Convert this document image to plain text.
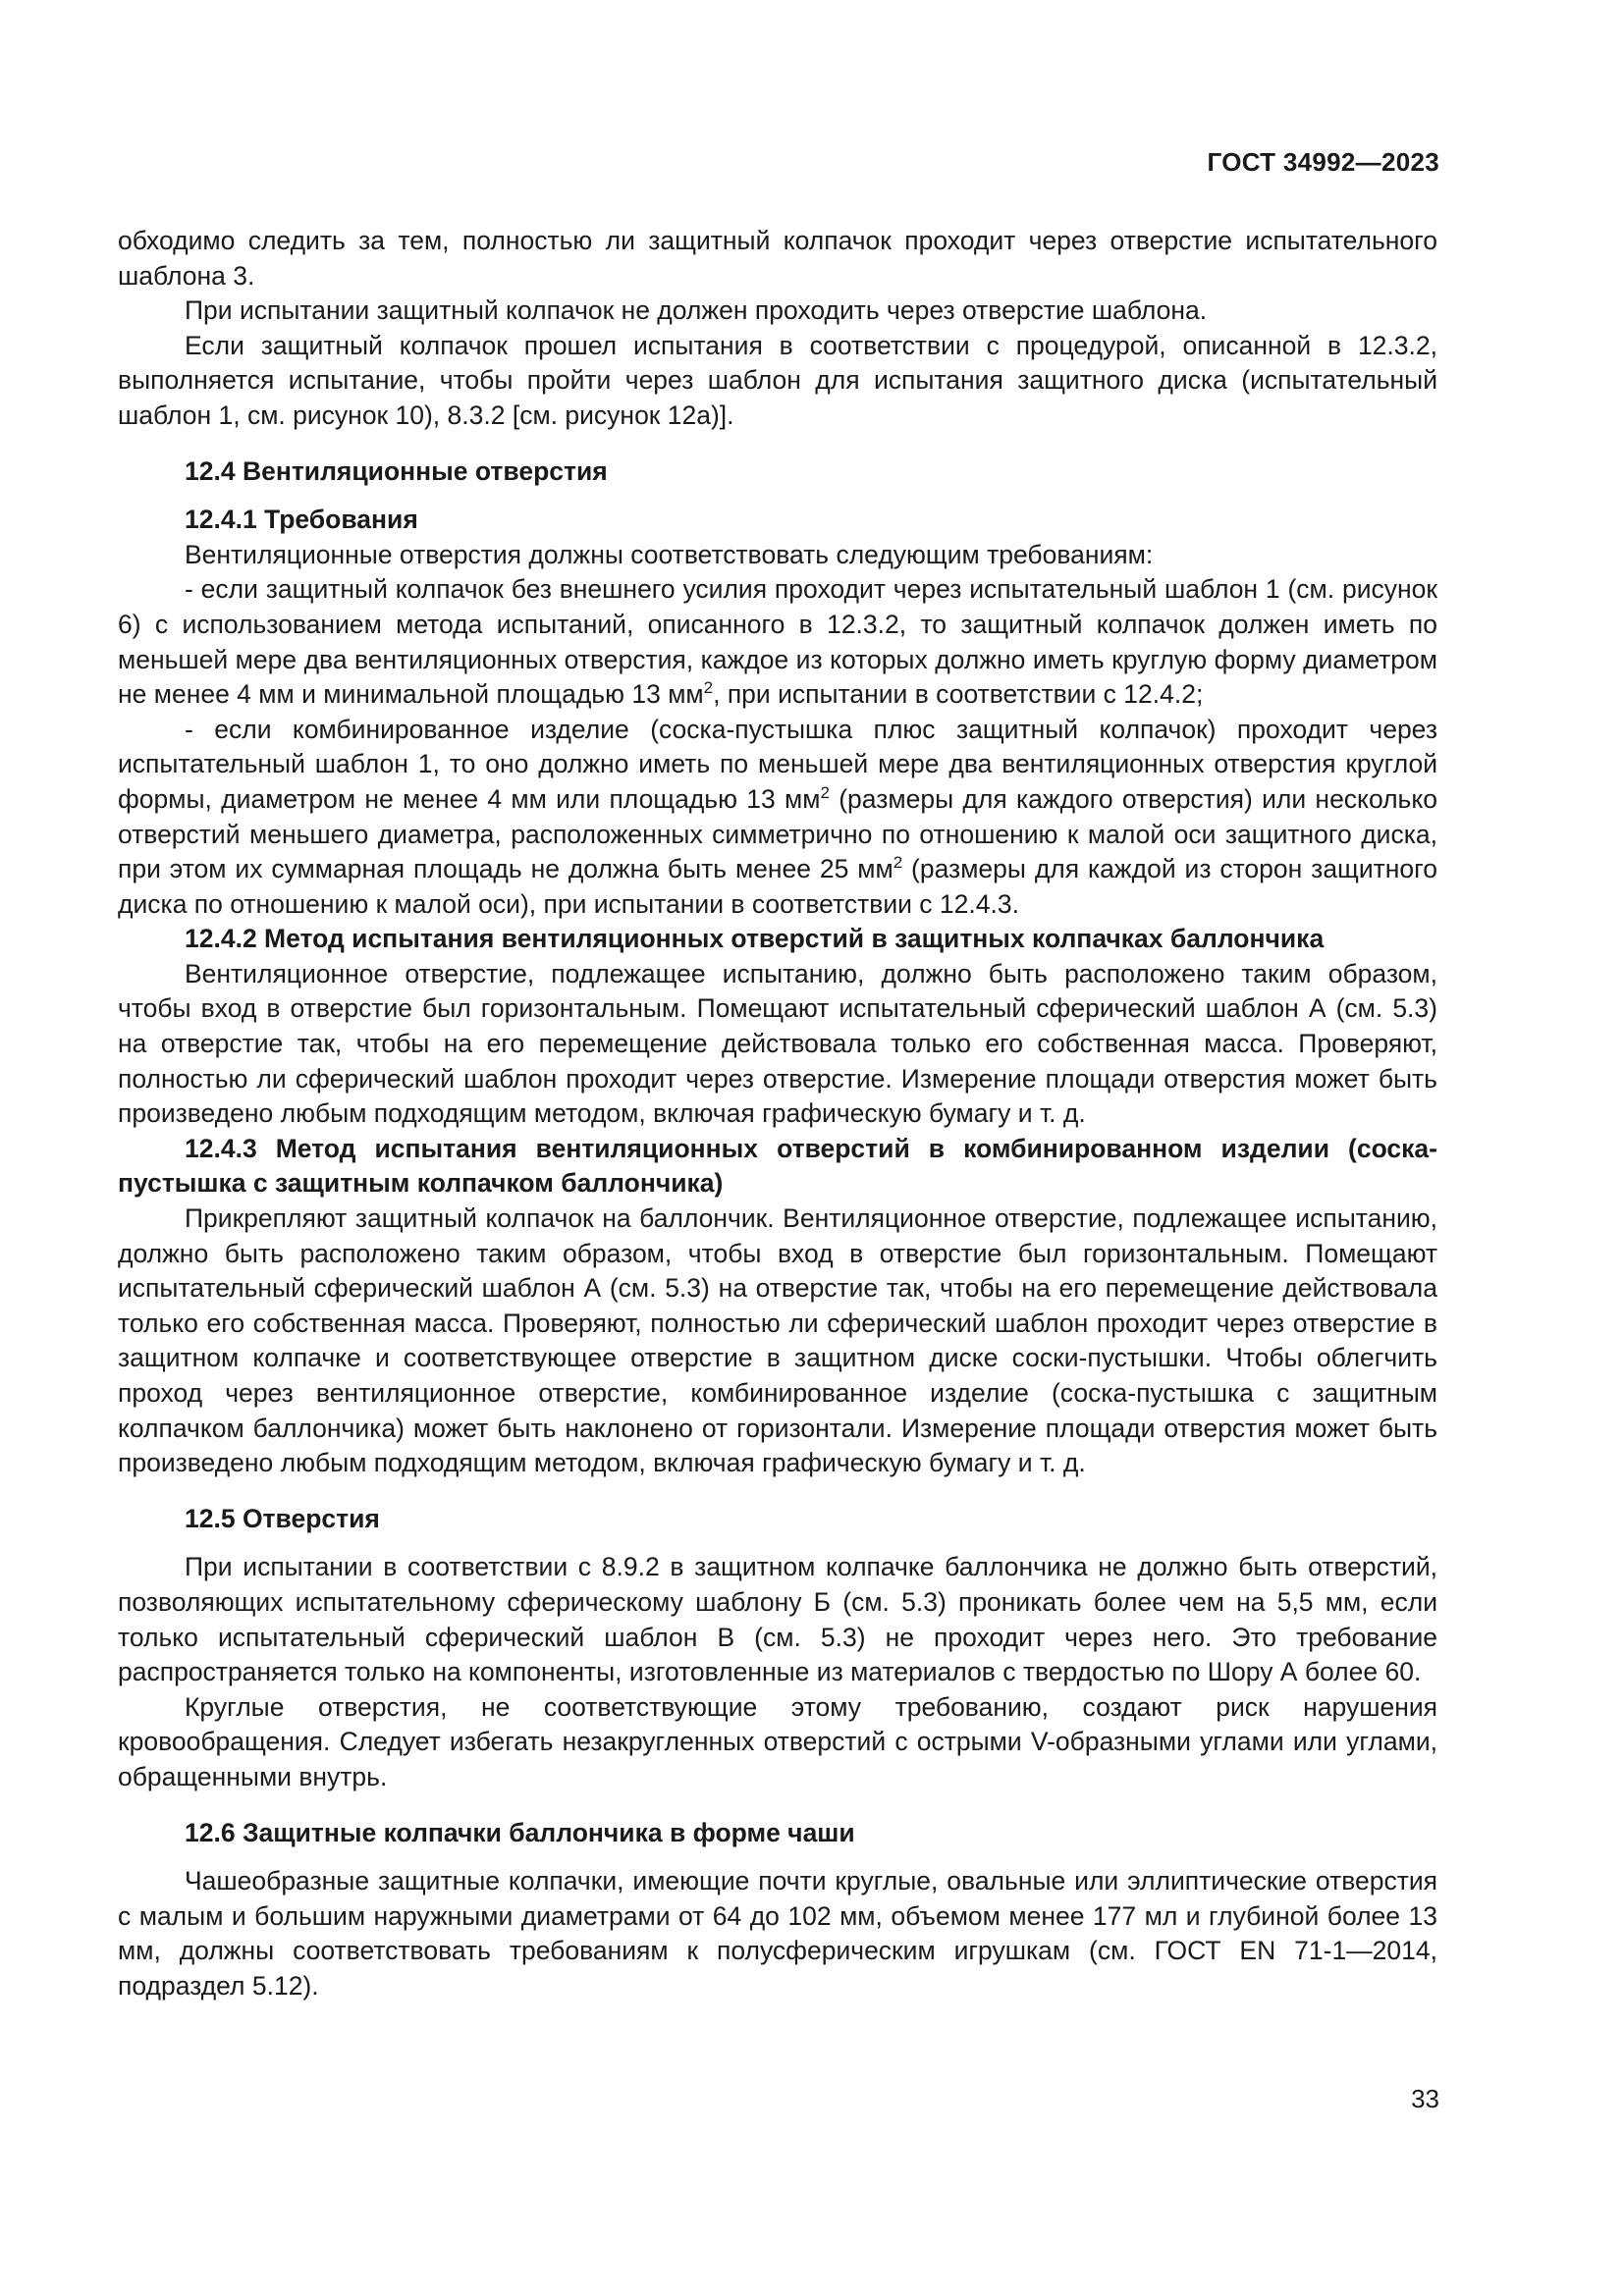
ГОСТ 34992—2023

обходимо следить за тем, полностью ли защитный колпачок проходит через отверстие испытательного шаблона 3.

При испытании защитный колпачок не должен проходить через отверстие шаблона.

Если защитный колпачок прошел испытания в соответствии с процедурой, описанной в 12.3.2, выполняется испытание, чтобы пройти через шаблон для испытания защитного диска (испытательный шаблон 1, см. рисунок 10), 8.3.2 [см. рисунок 12а)].

12.4 Вентиляционные отверстия

12.4.1 Требования

Вентиляционные отверстия должны соответствовать следующим требованиям:

- если защитный колпачок без внешнего усилия проходит через испытательный шаблон 1 (см. рисунок 6) с использованием метода испытаний, описанного в 12.3.2, то защитный колпачок должен иметь по меньшей мере два вентиляционных отверстия, каждое из которых должно иметь круглую форму диаметром не менее 4 мм и минимальной площадью 13 $мм^2$, при испытании в соответствии с 12.4.2;

- если комбинированное изделие (соска-пустышка плюс защитный колпачок) проходит через испытательный шаблон 1, то оно должно иметь по меньшей мере два вентиляционных отверстия круглой формы, диаметром не менее 4 мм или площадью 13 $мм^2$ (размеры для каждого отверстия) или несколько отверстий меньшего диаметра, расположенных симметрично по отношению к малой оси защитного диска, при этом их суммарная площадь не должна быть менее 25 $мм^2$ (размеры для каждой из сторон защитного диска по отношению к малой оси), при испытании в соответствии с 12.4.3.

12.4.2 Метод испытания вентиляционных отверстий в защитных колпачках баллончика

Вентиляционное отверстие, подлежащее испытанию, должно быть расположено таким образом, чтобы вход в отверстие был горизонтальным. Помещают испытательный сферический шаблон А (см. 5.3) на отверстие так, чтобы на его перемещение действовала только его собственная масса. Проверяют, полностью ли сферический шаблон проходит через отверстие. Измерение площади отверстия может быть произведено любым подходящим методом, включая графическую бумагу и т. д.

12.4.3 Метод испытания вентиляционных отверстий в комбинированном изделии (соска-пустышка с защитным колпачком баллончика)

Прикрепляют защитный колпачок на баллончик. Вентиляционное отверстие, подлежащее испытанию, должно быть расположено таким образом, чтобы вход в отверстие был горизонтальным. Помещают испытательный сферический шаблон А (см. 5.3) на отверстие так, чтобы на его перемещение действовала только его собственная масса. Проверяют, полностью ли сферический шаблон проходит через отверстие в защитном колпачке и соответствующее отверстие в защитном диске соски-пустышки. Чтобы облегчить проход через вентиляционное отверстие, комбинированное изделие (соска-пустышка с защитным колпачком баллончика) может быть наклонено от горизонтали. Измерение площади отверстия может быть произведено любым подходящим методом, включая графическую бумагу и т. д.

12.5 Отверстия

При испытании в соответствии с 8.9.2 в защитном колпачке баллончика не должно быть отверстий, позволяющих испытательному сферическому шаблону Б (см. 5.3) проникать более чем на 5,5 мм, если только испытательный сферический шаблон В (см. 5.3) не проходит через него. Это требование распространяется только на компоненты, изготовленные из материалов с твердостью по Шору А более 60.

Круглые отверстия, не соответствующие этому требованию, создают риск нарушения кровообращения. Следует избегать незакругленных отверстий с острыми V-образными углами или углами, обращенными внутрь.

12.6 Защитные колпачки баллончика в форме чаши

Чашеобразные защитные колпачки, имеющие почти круглые, овальные или эллиптические отверстия с малым и большим наружными диаметрами от 64 до 102 мм, объемом менее 177 мл и глубиной более 13 мм, должны соответствовать требованиям к полусферическим игрушкам (см. ГОСТ EN 71-1—2014, подраздел 5.12).

33
